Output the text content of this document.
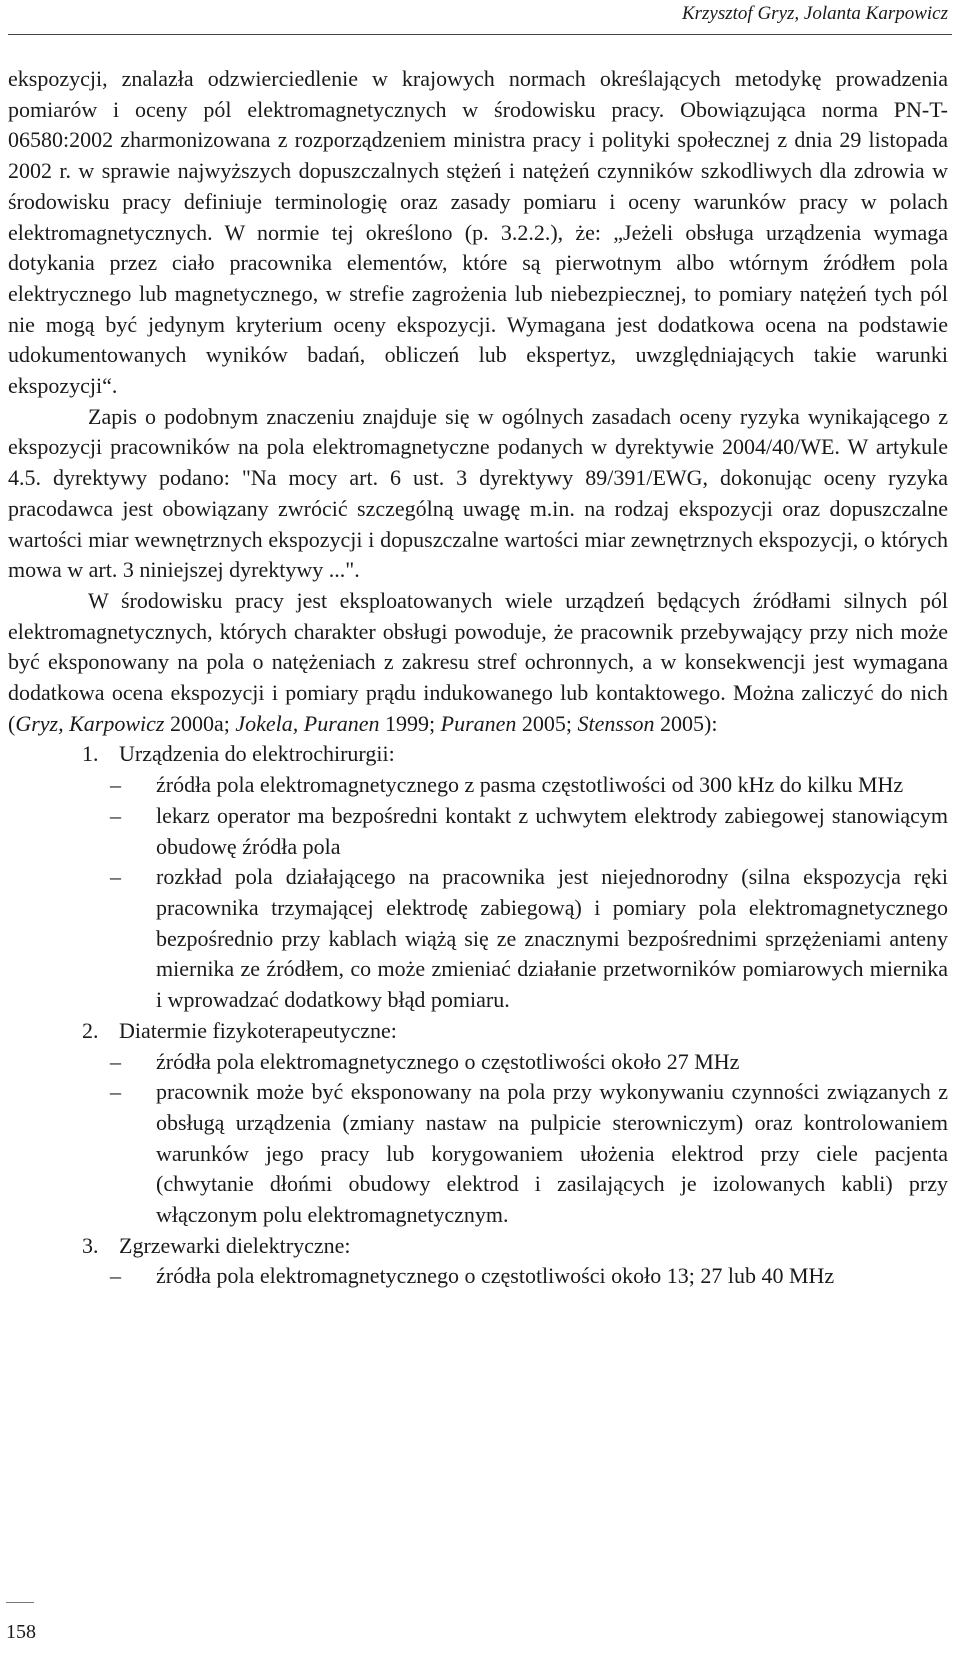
Krzysztof Gryz, Jolanta Karpowicz

ekspozycji, znalazła odzwierciedlenie w krajowych normach określających metodykę prowadzenia pomiarów i oceny pól elektromagnetycznych w środowisku pracy. Obowiązująca norma PN-T-06580:2002 zharmonizowana z rozporządzeniem ministra pracy i polityki społecznej z dnia 29 listopada 2002 r. w sprawie najwyższych dopuszczalnych stężeń i natężeń czynników szkodliwych dla zdrowia w środowisku pracy definiuje terminologię oraz zasady pomiaru i oceny warunków pracy w polach elektromagnetycznych. W normie tej określono (p. 3.2.2.), że: „Jeżeli obsługa urządzenia wymaga dotykania przez ciało pracownika elementów, które są pierwotnym albo wtórnym źródłem pola elektrycznego lub magnetycznego, w strefie zagrożenia lub niebezpiecznej, to pomiary natężeń tych pól nie mogą być jedynym kryterium oceny ekspozycji. Wymagana jest dodatkowa ocena na podstawie udokumentowanych wyników badań, obliczeń lub ekspertyz, uwzględniających takie warunki ekspozycji“.

Zapis o podobnym znaczeniu znajduje się w ogólnych zasadach oceny ryzyka wynikającego z ekspozycji pracowników na pola elektromagnetyczne podanych w dyrektywie 2004/40/WE. W artykule 4.5. dyrektywy podano: "Na mocy art. 6 ust. 3 dyrektywy 89/391/EWG, dokonując oceny ryzyka pracodawca jest obowiązany zwrócić szczególną uwagę m.in. na rodzaj ekspozycji oraz dopuszczalne wartości miar wewnętrznych ekspozycji i dopuszczalne wartości miar zewnętrznych ekspozycji, o których mowa w art. 3 niniejszej dyrektywy ...".

W środowisku pracy jest eksploatowanych wiele urządzeń będących źródłami silnych pól elektromagnetycznych, których charakter obsługi powoduje, że pracownik przebywający przy nich może być eksponowany na pola o natężeniach z zakresu stref ochronnych, a w konsekwencji jest wymagana dodatkowa ocena ekspozycji i pomiary prądu indukowanego lub kontaktowego. Można zaliczyć do nich (Gryz, Karpowicz 2000a; Jokela, Puranen 1999; Puranen 2005; Stensson 2005):

1. Urządzenia do elektrochirurgii:
– źródła pola elektromagnetycznego z pasma częstotliwości od 300 kHz do kilku MHz
– lekarz operator ma bezpośredni kontakt z uchwytem elektrody zabiegowej stanowiącym obudowę źródła pola
– rozkład pola działającego na pracownika jest niejednorodny (silna ekspozycja ręki pracownika trzymającej elektrodę zabiegową) i pomiary pola elektromagnetycznego bezpośrednio przy kablach wiążą się ze znacznymi bezpośrednimi sprzężeniami anteny miernika ze źródłem, co może zmieniać działanie przetworników pomiarowych miernika i wprowadzać dodatkowy błąd pomiaru.
2. Diatermie fizykoterapeutyczne:
– źródła pola elektromagnetycznego o częstotliwości około 27 MHz
– pracownik może być eksponowany na pola przy wykonywaniu czynności związanych z obsługą urządzenia (zmiany nastaw na pulpicie sterowniczym) oraz kontrolowaniem warunków jego pracy lub korygowaniem ułożenia elektrod przy ciele pacjenta (chwytanie dłońmi obudowy elektrod i zasilających je izolowanych kabli) przy włączonym polu elektromagnetycznym.
3. Zgrzewarki dielektryczne:
– źródła pola elektromagnetycznego o częstotliwości około 13; 27 lub 40 MHz
158
